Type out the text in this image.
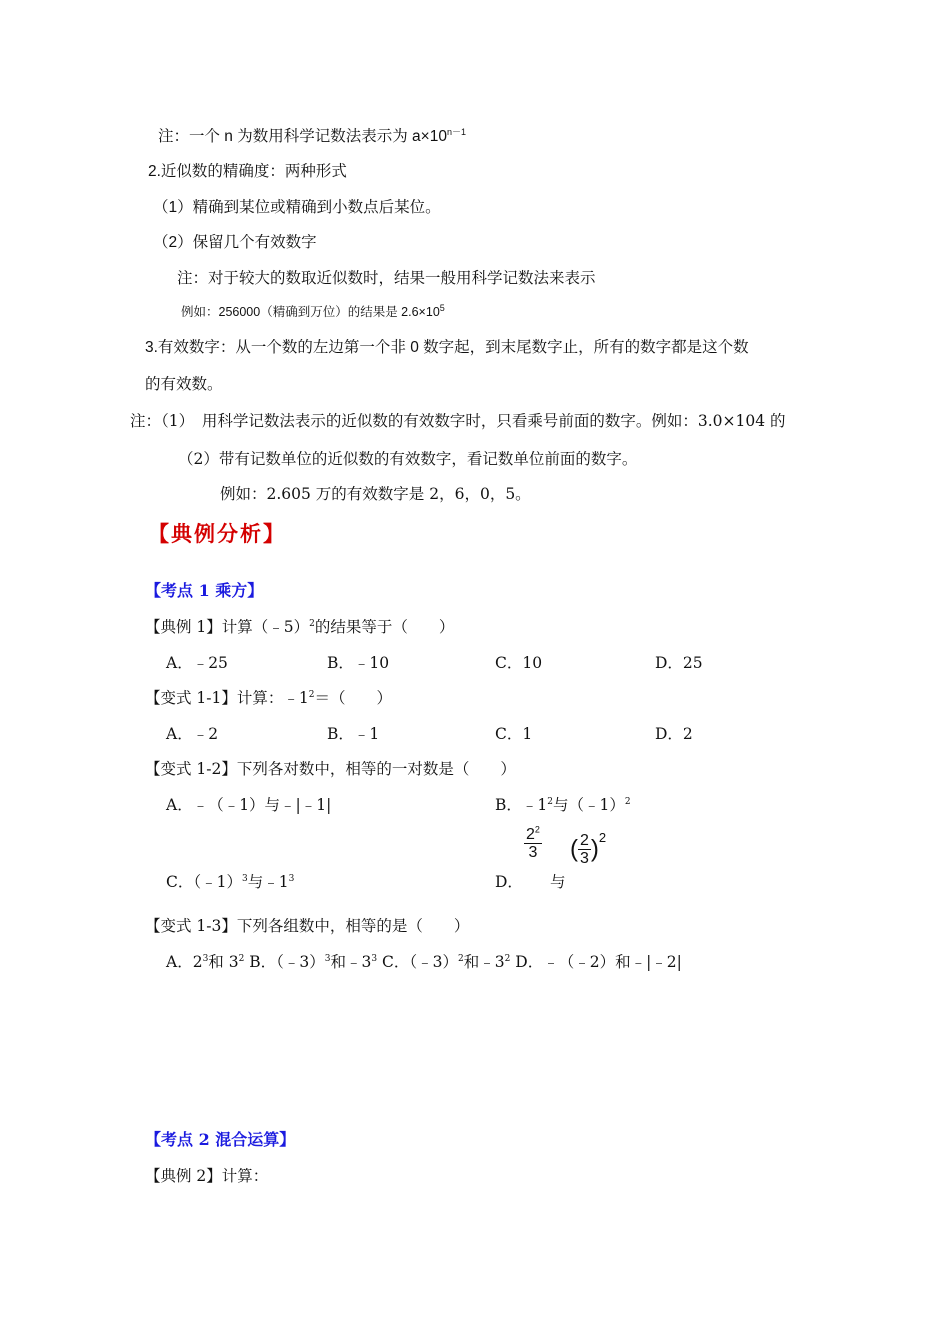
注：一个 n 为数用科学记数法表示为 $a\times 10^{n-1}$
2.近似数的精确度：两种形式
（1）精确到某位或精确到小数点后某位。
（2）保留几个有效数字
注：对于较大的数取近似数时，结果一般用科学记数法来表示
例如：256000（精确到万位）的结果是 $2.6\times 10^5$
3.有效数字：从一个数的左边第一个非 0 数字起，到末尾数字止，所有的数字都是这个数
的有效数。
注：（1）　用科学记数法表示的近似数的有效数字时，只看乘号前面的数字。例如：3.0×104 的
（2）带有记数单位的近似数的有效数字，看记数单位前面的数字。
例如：2.605 万的有效数字是 2，6，0，5。
【典例分析】
【考点 1 乘方】
【典例 1】计算（﹣5）$^2$的结果等于（　　）
A．﹣25	B．﹣10	C．10	D．25
【变式 1-1】计算：$﹣1^2=$（　　）
A．﹣2	B．﹣1	C．1	D．2
【变式 1-2】下列各对数中，相等的一对数是（　　）
A．﹣（﹣1）与﹣|﹣1|	B．$﹣1^2$与（﹣1）$^2$
C．（﹣1）$^3$与$﹣1^3$	D．
$\frac{2^2}{3}$
与
( $\frac{2}{3} )^2$
【变式 1-3】下列各组数中，相等的是（　　）
A．$2^3$和 $3^2$ B．（﹣3）$^3$和$﹣3^3$ C．（﹣3）$^2$和$﹣3^2$ D．﹣（﹣2）和﹣|﹣2|
【考点 2 混合运算】
【典例 2】计算：
